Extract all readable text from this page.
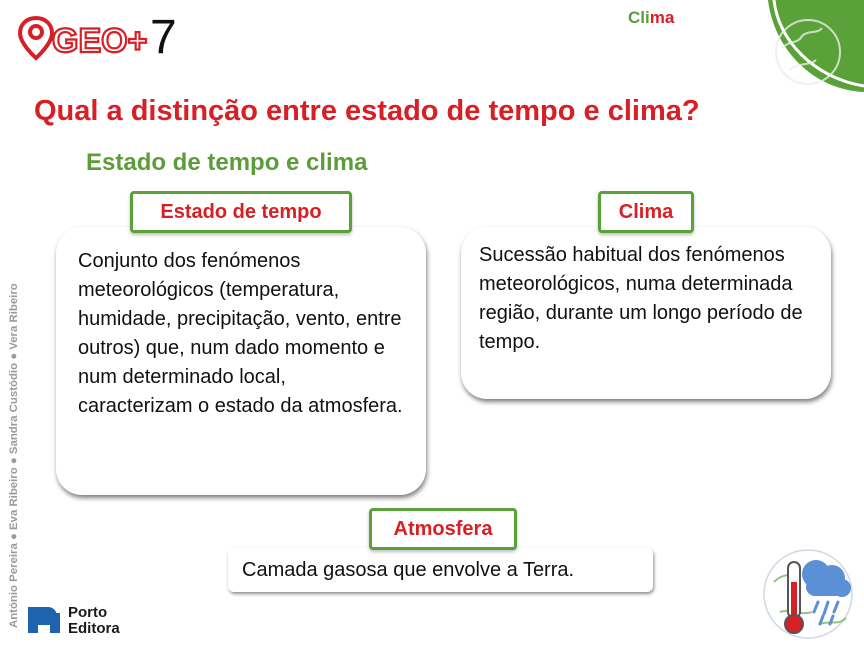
GEO+ 7	Clima
Qual a distinção entre estado de tempo e clima?
Estado de tempo e clima
Conjunto dos fenómenos meteorológicos (temperatura, humidade, precipitação, vento, entre outros) que, num dado momento e num determinado local, caracterizam o estado da atmosfera.
Estado de tempo
Sucessão habitual dos fenómenos meteorológicos, numa determinada região, durante um longo período de tempo.
Clima
Camada gasosa que envolve a Terra.
Atmosfera
António Pereira ● Eva Ribeiro ● Sandra Custódio ● Vera Ribeiro	Porto
Editora
